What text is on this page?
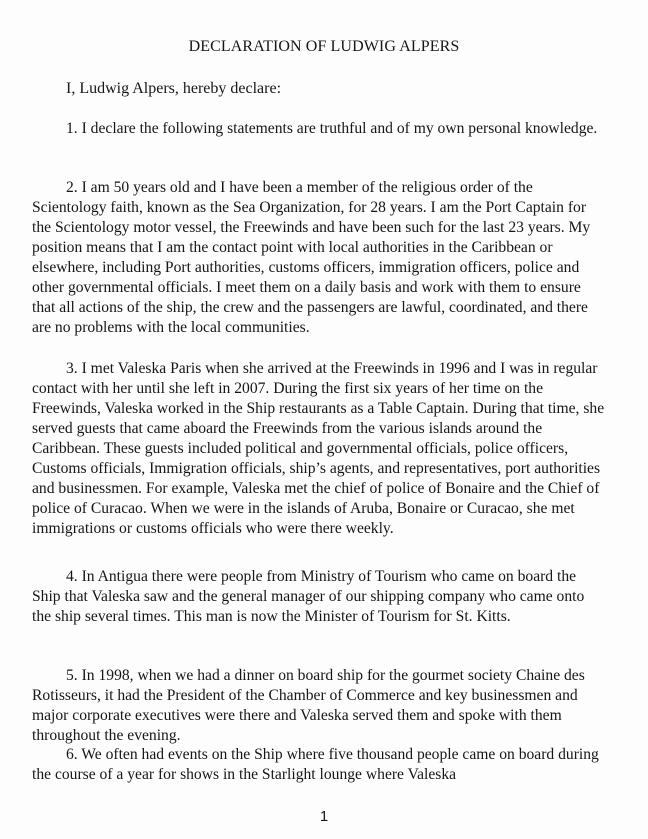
DECLARATION OF LUDWIG ALPERS
I, Ludwig Alpers, hereby declare:
1. I declare the following statements are truthful and of my own personal knowledge.
2. I am 50 years old and I have been a member of the religious order of the Scientology faith, known as the Sea Organization, for 28 years. I am the Port Captain for the Scientology motor vessel, the Freewinds and have been such for the last 23 years. My position means that I am the contact point with local authorities in the Caribbean or elsewhere, including Port authorities, customs officers, immigration officers, police and other governmental officials. I meet them on a daily basis and work with them to ensure that all actions of the ship, the crew and the passengers are lawful, coordinated, and there are no problems with the local communities.
3. I met Valeska Paris when she arrived at the Freewinds in 1996 and I was in regular contact with her until she left in 2007. During the first six years of her time on the Freewinds, Valeska worked in the Ship restaurants as a Table Captain. During that time, she served guests that came aboard the Freewinds from the various islands around the Caribbean. These guests included political and governmental officials, police officers, Customs officials, Immigration officials, ship’s agents, and representatives, port authorities and businessmen. For example, Valeska met the chief of police of Bonaire and the Chief of police of Curacao. When we were in the islands of Aruba, Bonaire or Curacao, she met immigrations or customs officials who were there weekly.
4. In Antigua there were people from Ministry of Tourism who came on board the Ship that Valeska saw and the general manager of our shipping company who came onto the ship several times. This man is now the Minister of Tourism for St. Kitts.
5. In 1998, when we had a dinner on board ship for the gourmet society Chaine des Rotisseurs, it had the President of the Chamber of Commerce and key businessmen and major corporate executives were there and Valeska served them and spoke with them throughout the evening.
6. We often had events on the Ship where five thousand people came on board during the course of a year for shows in the Starlight lounge where Valeska
1
